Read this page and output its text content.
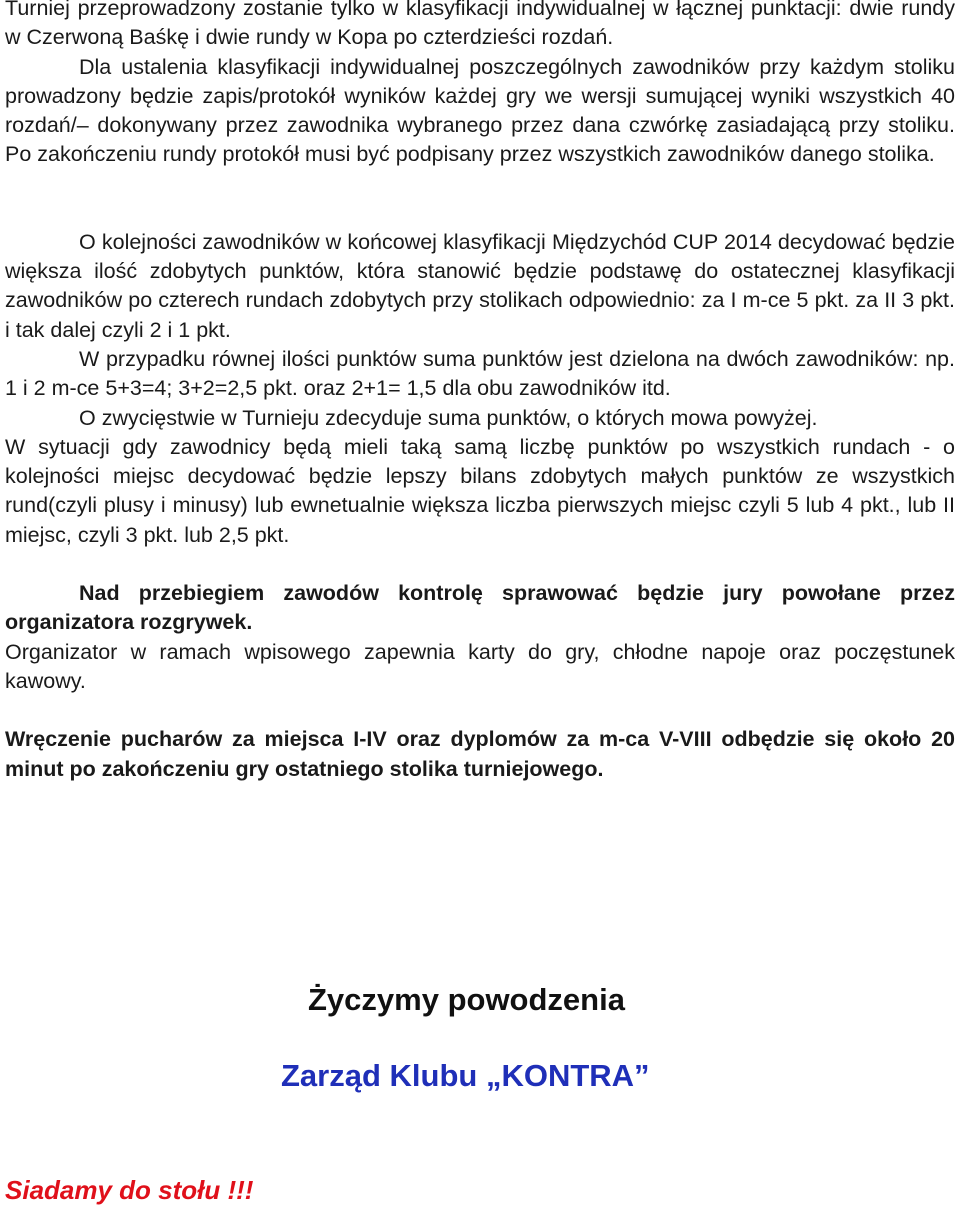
Turniej przeprowadzony zostanie tylko w klasyfikacji indywidualnej w łącznej punktacji: dwie rundy w Czerwoną Baśkę i dwie rundy w Kopa po czterdzieści rozdań.

Dla ustalenia klasyfikacji indywidualnej poszczególnych zawodników przy każdym stoliku prowadzony będzie zapis/protokół wyników każdej gry we wersji sumującej wyniki wszystkich 40 rozdań/– dokonywany przez zawodnika wybranego przez dana czwórkę zasiadającą przy stoliku. Po zakończeniu rundy protokół musi być podpisany przez wszystkich zawodników danego stolika.

O kolejności zawodników w końcowej klasyfikacji Międzychód CUP 2014 decydować będzie większa ilość zdobytych punktów, która stanowić będzie podstawę do ostatecznej klasyfikacji zawodników po czterech rundach zdobytych przy stolikach odpowiednio: za I m-ce 5 pkt. za II 3 pkt. i tak dalej czyli 2 i 1 pkt.

W przypadku równej ilości punktów suma punktów jest dzielona na dwóch zawodników: np. 1 i 2 m-ce 5+3=4; 3+2=2,5 pkt. oraz 2+1= 1,5 dla obu zawodników itd.

O zwycięstwie w Turnieju zdecyduje suma punktów, o których mowa powyżej.

W sytuacji gdy zawodnicy będą mieli taką samą liczbę punktów po wszystkich rundach - o kolejności miejsc decydować będzie lepszy bilans zdobytych małych punktów ze wszystkich rund(czyli plusy i minusy) lub ewnetualnie większa liczba pierwszych miejsc czyli 5 lub 4 pkt., lub II miejsc, czyli 3 pkt. lub 2,5 pkt.

Nad przebiegiem zawodów kontrolę sprawować będzie jury powołane przez organizatora rozgrywek.

Organizator w ramach wpisowego zapewnia karty do gry, chłodne napoje oraz poczęstunek kawowy.

Wręczenie pucharów za miejsca I-IV oraz dyplomów za m-ca V-VIII odbędzie się około 20 minut po zakończeniu gry ostatniego stolika turniejowego.

Życzymy powodzenia
Zarząd Klubu „KONTRA”
Siadamy do stołu !!!
